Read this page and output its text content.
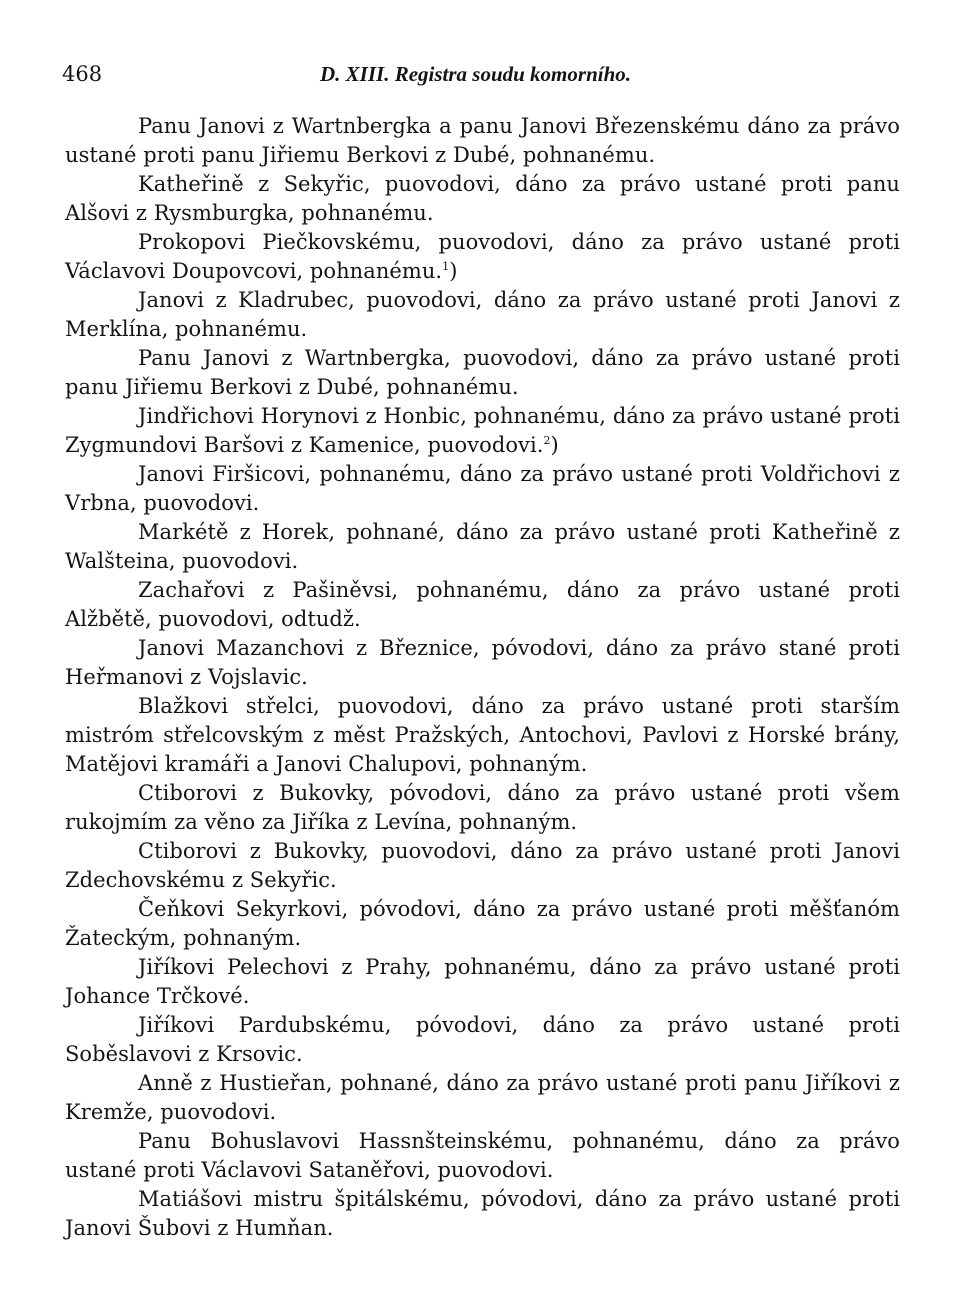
468	D. XIII. Registra soudu komorního.

Panu Janovi z Wartnbergka a panu Janovi Březenskému dáno za právo ustané proti panu Jiřiemu Berkovi z Dubé, pohnanému.

Katheřině z Sekyřic, puovodovi, dáno za právo ustané proti panu Alšovi z Rysmburgka, pohnanému.

Prokopovi Piečkovskému, puovodovi, dáno za právo ustané proti Václavovi Doupovcovi, pohnanému.$^1$)

Janovi z Kladrubec, puovodovi, dáno za právo ustané proti Janovi z Merklína, pohnanému.

Panu Janovi z Wartnbergka, puovodovi, dáno za právo ustané proti panu Jiřiemu Berkovi z Dubé, pohnanému.

Jindřichovi Horynovi z Honbic, pohnanému, dáno za právo ustané proti Zygmundovi Baršovi z Kamenice, puovodovi.$^2$)

Janovi Firšicovi, pohnanému, dáno za právo ustané proti Voldřichovi z Vrbna, puovodovi.

Markétě z Horek, pohnané, dáno za právo ustané proti Katheřině z Walšteina, puovodovi.

Zachařovi z Pašiněvsi, pohnanému, dáno za právo ustané proti Alžbětě, puovodovi, odtudž.

Janovi Mazanchovi z Březnice, póvodovi, dáno za právo stané proti Heřmanovi z Vojslavic.

Blažkovi střelci, puovodovi, dáno za právo ustané proti starším mistróm střelcovským z měst Pražských, Antochovi, Pavlovi z Horské brány, Matějovi kramáři a Janovi Chalupovi, pohnaným.

Ctiborovi z Bukovky, póvodovi, dáno za právo ustané proti všem rukojmím za věno za Jiříka z Levína, pohnaným.

Ctiborovi z Bukovky, puovodovi, dáno za právo ustané proti Janovi Zdechovskému z Sekyřic.

Čeňkovi Sekyrkovi, póvodovi, dáno za právo ustané proti měšťanóm Žateckým, pohnaným.

Jiříkovi Pelechovi z Prahy, pohnanému, dáno za právo ustané proti Johance Trčkové.

Jiříkovi Pardubskému, póvodovi, dáno za právo ustané proti Soběslavovi z Krsovic.

Anně z Hustieřan, pohnané, dáno za právo ustané proti panu Jiříkovi z Kremže, puovodovi.

Panu Bohuslavovi Hassnšteinskému, pohnanému, dáno za právo ustané proti Václavovi Sataněřovi, puovodovi.

Matiášovi mistru špitálskému, póvodovi, dáno za právo ustané proti Janovi Šubovi z Humňan.
